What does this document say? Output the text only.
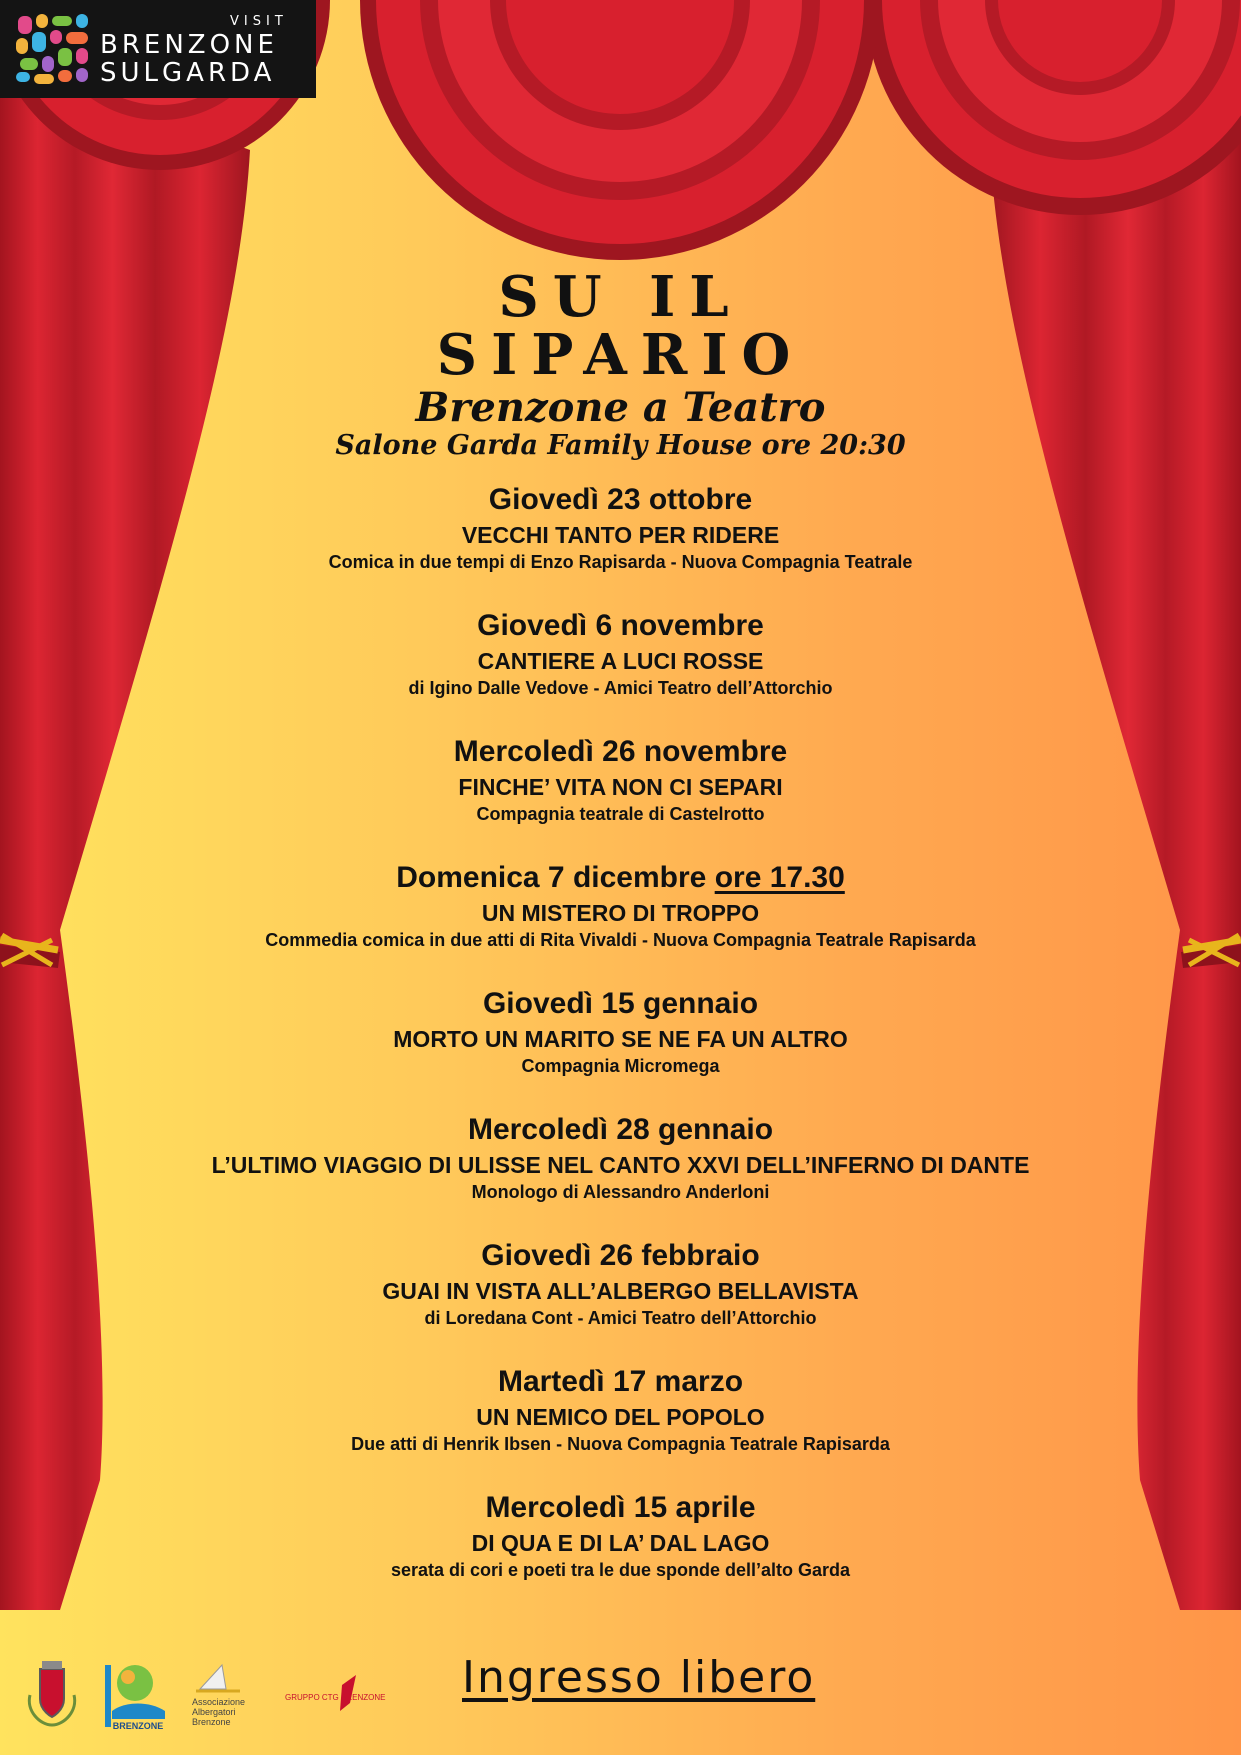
VISIT
BRENZONE
SULGARDA
SU IL
SIPARIO
Brenzone a Teatro
Salone Garda Family House ore 20:30
Giovedì 23 ottobre
VECCHI TANTO PER RIDERE
Comica in due tempi di Enzo Rapisarda - Nuova Compagnia Teatrale
Giovedì 6 novembre
CANTIERE A LUCI ROSSE
di Igino Dalle Vedove - Amici Teatro dell’Attorchio
Mercoledì 26 novembre
FINCHE’ VITA NON CI SEPARI
Compagnia teatrale di Castelrotto
Domenica 7 dicembre ore 17.30
UN MISTERO DI TROPPO
Commedia comica in due atti di Rita Vivaldi - Nuova Compagnia Teatrale Rapisarda
Giovedì 15 gennaio
MORTO UN MARITO SE NE FA UN ALTRO
Compagnia Micromega
Mercoledì 28 gennaio
L’ULTIMO VIAGGIO DI ULISSE NEL CANTO XXVI DELL’INFERNO DI DANTE
Monologo di Alessandro Anderloni
Giovedì 26 febbraio
GUAI IN VISTA ALL’ALBERGO BELLAVISTA
di Loredana Cont - Amici Teatro dell’Attorchio
Martedì 17 marzo
UN NEMICO DEL POPOLO
Due atti di Henrik Ibsen - Nuova Compagnia Teatrale Rapisarda
Mercoledì 15 aprile
DI QUA E DI LA’ DAL LAGO
serata di cori e poeti tra le due sponde dell’alto Garda
BRENZONE
Associazione
Albergatori
Brenzone
GRUPPO CTG BRENZONE Ingresso libero
